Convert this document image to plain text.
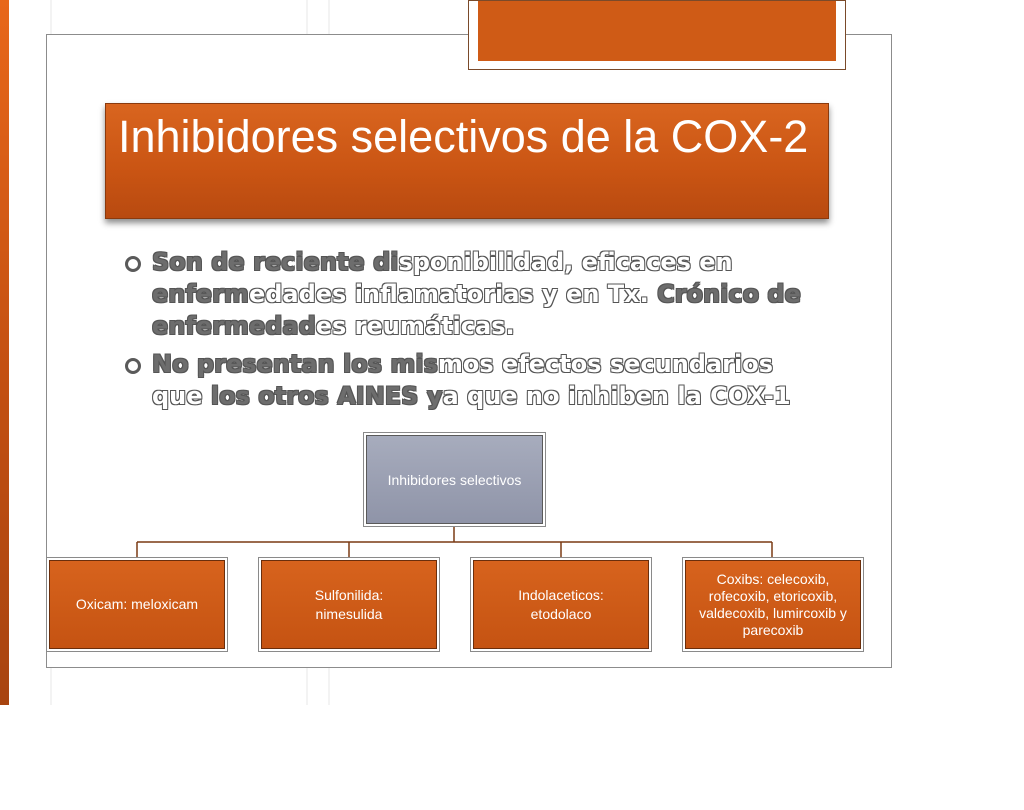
Inhibidores selectivos de la COX-2
Son de reciente disponibilidad, eficaces en enfermedades inflamatorias y en Tx. Crónico de enfermedades reumáticas.
No presentan los mismos efectos secundarios que los otros AINES ya que no inhiben la COX-1
Inhibidores selectivos
Oxicam: meloxicam
Sulfonilida: nimesulida
Indolaceticos: etodolaco
Coxibs: celecoxib, rofecoxib, etoricoxib, valdecoxib, lumircoxib y parecoxib
